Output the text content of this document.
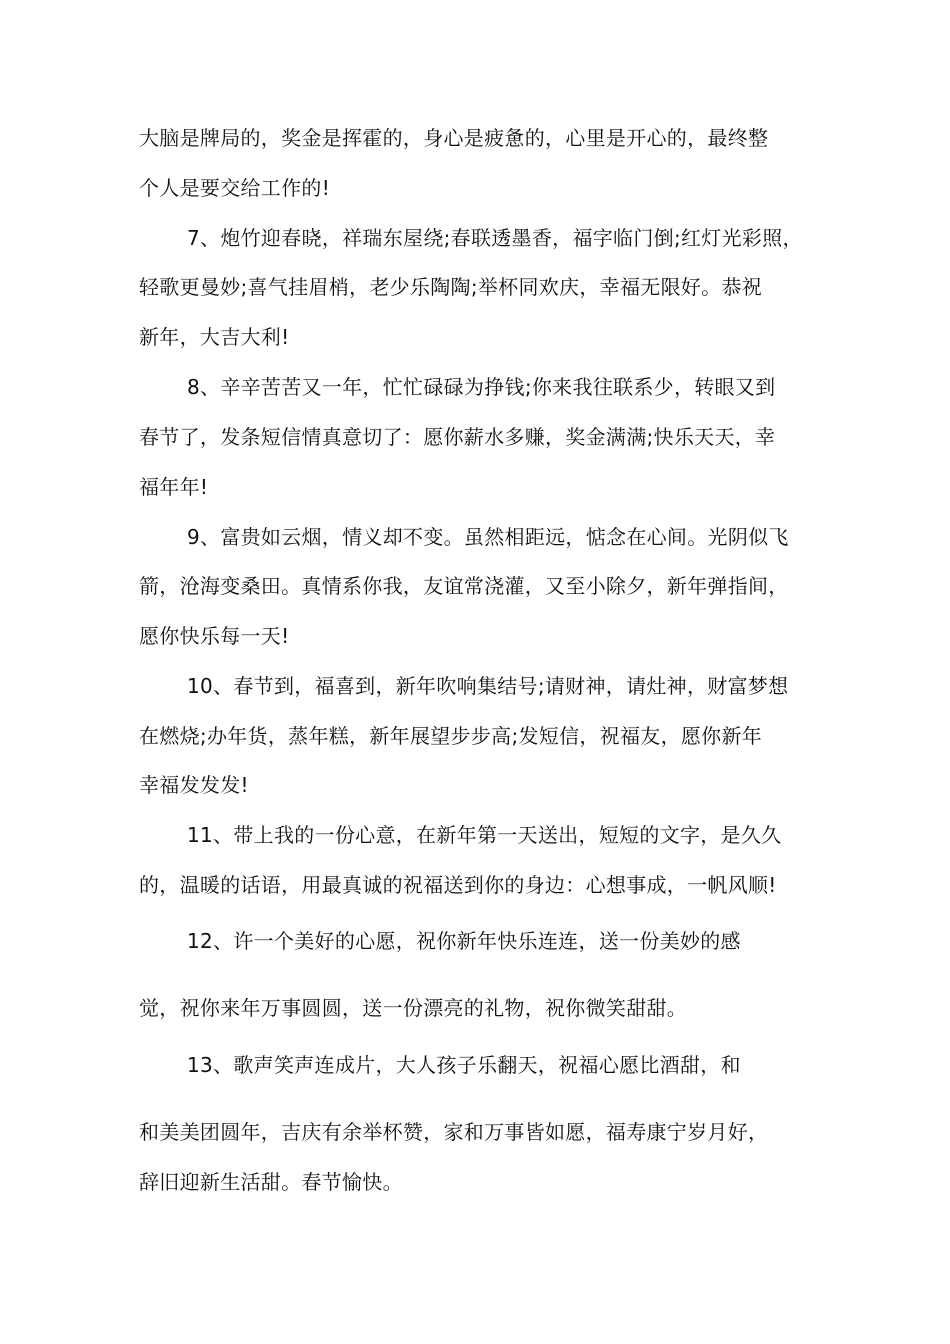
大脑是牌局的，奖金是挥霍的，身心是疲惫的，心里是开心的，最终整
个人是要交给工作的!
7、炮竹迎春晓，祥瑞东屋绕;春联透墨香，福字临门倒;红灯光彩照，
轻歌更曼妙;喜气挂眉梢，老少乐陶陶;举杯同欢庆，幸福无限好。恭祝
新年，大吉大利!
8、辛辛苦苦又一年，忙忙碌碌为挣钱;你来我往联系少，转眼又到
春节了，发条短信情真意切了：愿你薪水多赚，奖金满满;快乐天天，幸
福年年!
9、富贵如云烟，情义却不变。虽然相距远，惦念在心间。光阴似飞
箭，沧海变桑田。真情系你我，友谊常浇灌，又至小除夕，新年弹指间，
愿你快乐每一天!
10、春节到，福喜到，新年吹响集结号;请财神，请灶神，财富梦想
在燃烧;办年货，蒸年糕，新年展望步步高;发短信，祝福友，愿你新年
幸福发发发!
11、带上我的一份心意，在新年第一天送出，短短的文字，是久久
的，温暖的话语，用最真诚的祝福送到你的身边：心想事成，一帆风顺!
12、许一个美好的心愿，祝你新年快乐连连，送一份美妙的感
觉，祝你来年万事圆圆，送一份漂亮的礼物，祝你微笑甜甜。
13、歌声笑声连成片，大人孩子乐翻天，祝福心愿比酒甜，和
和美美团圆年，吉庆有余举杯赞，家和万事皆如愿，福寿康宁岁月好，
辞旧迎新生活甜。春节愉快。
